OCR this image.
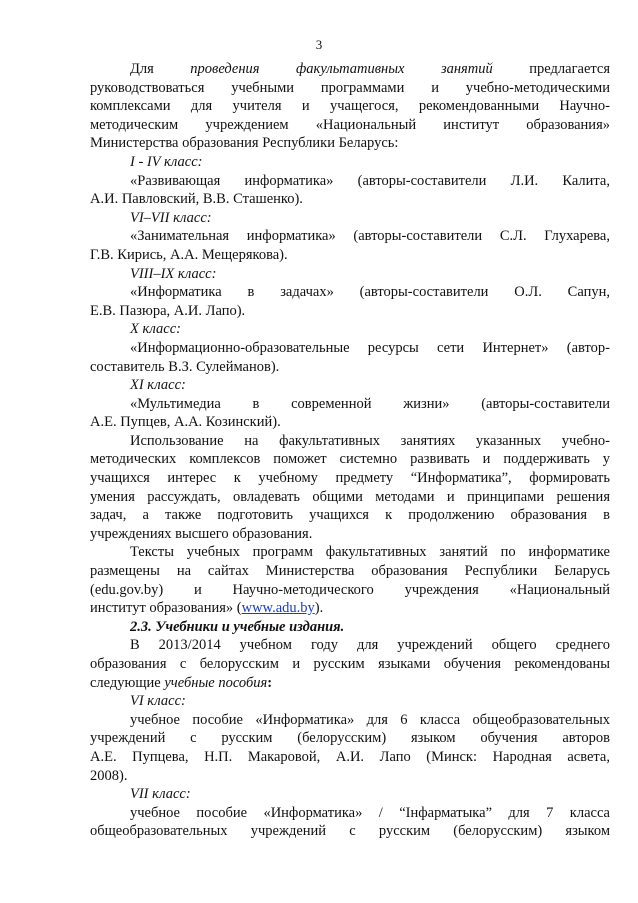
3
Для	проведения факультативных занятий	предлагается
руководствоваться учебными программами и учебно-методическими
комплексами для учителя и учащегося, рекомендованными Научно-
методическим учреждением «Национальный институт образования»
Министерства образования Республики Беларусь:
I - IV класс:
«Развивающая информатика» (авторы-составители Л.И. Калита,
А.И. Павловский, В.В. Сташенко).
VI–VII класс:
«Занимательная информатика» (авторы-составители С.Л. Глухарева,
Г.В. Кирись, А.А. Мещерякова).
VIII–IX класс:
«Информатика в задачах» (авторы-составители О.Л. Сапун,
Е.В. Пазюра, А.И. Лапо).
X класс:
«Информационно-образовательные ресурсы сети Интернет» (автор-
составитель В.З. Сулейманов).
XI класс:
«Мультимедиа в современной жизни» (авторы-составители
А.Е. Пупцев, А.А. Козинский).
Использование на факультативных занятиях указанных учебно-
методических комплексов поможет системно развивать и поддерживать у
учащихся интерес к учебному предмету “Информатика”, формировать
умения рассуждать, овладевать общими методами и принципами решения
задач, а также подготовить учащихся к продолжению образования в
учреждениях высшего образования.
Тексты учебных программ факультативных занятий по информатике
размещены на сайтах Министерства образования Республики Беларусь
(edu.gov.by) и Научно-методического учреждения «Национальный
институт образования» (www.adu.by).
2.3. Учебники и учебные издания.
В 2013/2014 учебном году для учреждений общего среднего
образования с белорусским и русским языками обучения рекомендованы
следующие учебные пособия:
VI класс:
учебное пособие «Информатика» для 6 класса общеобразовательных
учреждений с русским (белорусским) языком обучения авторов
А.Е. Пупцева, Н.П. Макаровой, А.И. Лапо (Минск: Народная асвета,
2008).
VII класс:
учебное пособие «Информатика» / “Інфарматыка” для 7 класса
общеобразовательных учреждений с русским (белорусским) языком
